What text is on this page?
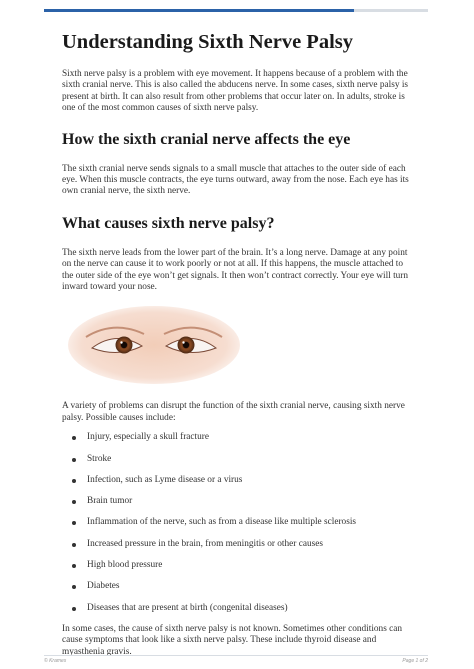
Understanding Sixth Nerve Palsy

Sixth nerve palsy is a problem with eye movement. It happens because of a problem with the sixth cranial nerve. This is also called the abducens nerve. In some cases, sixth nerve palsy is present at birth. It can also result from other problems that occur later on. In adults, stroke is one of the most common causes of sixth nerve palsy.

How the sixth cranial nerve affects the eye

The sixth cranial nerve sends signals to a small muscle that attaches to the outer side of each eye. When this muscle contracts, the eye turns outward, away from the nose. Each eye has its own cranial nerve, the sixth nerve.

What causes sixth nerve palsy?

The sixth nerve leads from the lower part of the brain. It’s a long nerve. Damage at any point on the nerve can cause it to work poorly or not at all. If this happens, the muscle attached to the outer side of the eye won’t get signals. It then won’t contract correctly. Your eye will turn inward toward your nose.

A variety of problems can disrupt the function of the sixth cranial nerve, causing sixth nerve palsy. Possible causes include:

Injury, especially a skull fracture
Stroke
Infection, such as Lyme disease or a virus
Brain tumor
Inflammation of the nerve, such as from a disease like multiple sclerosis
Increased pressure in the brain, from meningitis or other causes
High blood pressure
Diabetes
Diseases that are present at birth (congenital diseases)

In some cases, the cause of sixth nerve palsy is not known. Sometimes other conditions can cause symptoms that look like a sixth nerve palsy. These include thyroid disease and myasthenia gravis.

© Krames	Page 1 of 2
